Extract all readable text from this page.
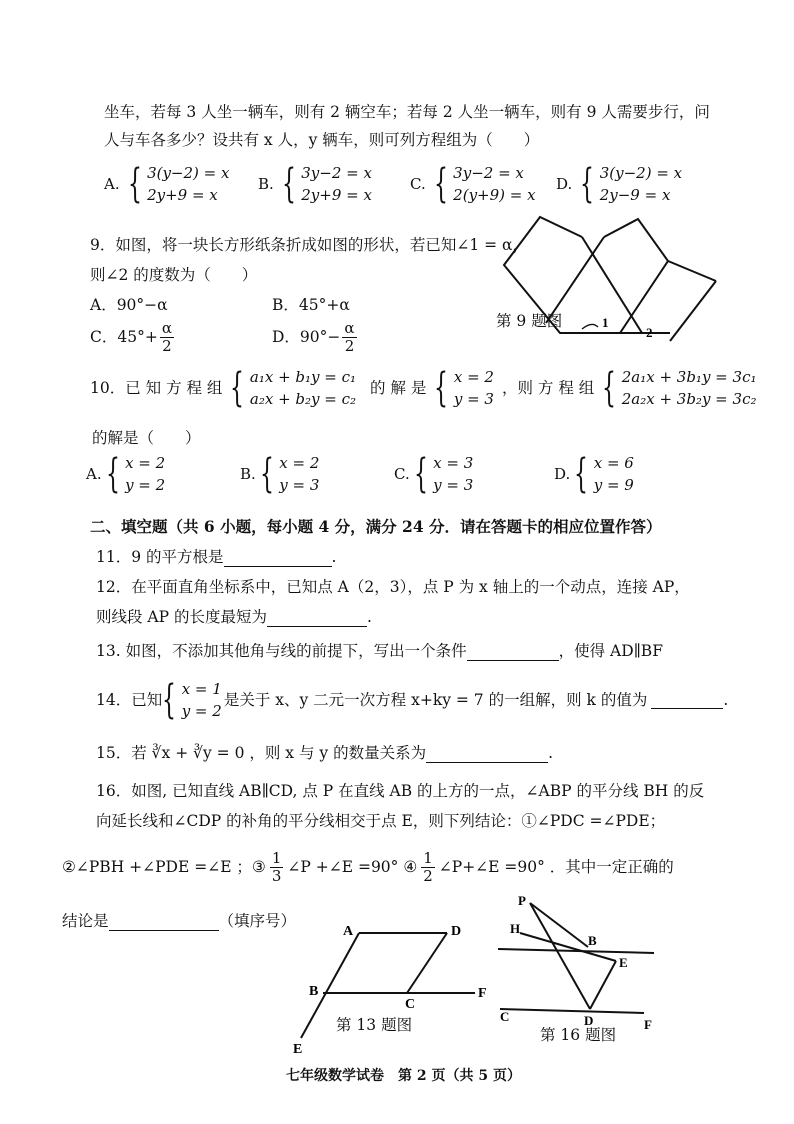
坐车，若每 3 人坐一辆车，则有 2 辆空车；若每 2 人坐一辆车，则有 9 人需要步行，问
人与车各多少？设共有 x 人，y 辆车，则可列方程组为（　　）
A. { 3(y−2) = x
2y+9 = x
B. { 3y−2 = x
2y+9 = x
C. { 3y−2 = x
2(y+9) = x
D. { 3(y−2) = x
2y−9 = x
9．如图，将一块长方形纸条折成如图的形状，若已知∠1 = α，
则∠2 的度数为（　　）
A．90°−α	B．45°+α
C．$45^\circ+ \frac{\alpha}{2}$	D．$90^\circ- \frac{\alpha}{2}$	1
2
第 9 题图
10．已 知 方 程 组 { a₁x + b₁y = c₁
a₂x + b₂y = c₂
的 解 是 { x = 2
y = 3
，则 方 程 组 { 2a₁x + 3b₁y = 3c₁
2a₂x + 3b₂y = 3c₂
的解是（　　）
A. { x = 2
y = 2
B. { x = 2
y = 3
C. { x = 3
y = 3
D. { x = 6
y = 9
二、填空题（共 6 小题，每小题 4 分，满分 24 分．请在答题卡的相应位置作答）
11．9 的平方根是	.
12．在平面直角坐标系中，已知点 A（2，3），点 P 为 x 轴上的一个动点，连接 AP，
则线段 AP 的长度最短为	.
13. 如图，不添加其他角与线的前提下，写出一个条件	，使得 AD∥BF
14．已知 { x = 1
y = 2
是关于 x、y 二元一次方程 x+ky = 7 的一组解，则 k 的值为	.
15．若 ∛x + ∛y = 0 ，则 x 与 y 的数量关系为	.
16．如图, 已知直线 AB∥CD, 点 P 在直线 AB 的上方的一点，∠ABP 的平分线 BH 的反
向延长线和∠CDP 的补角的平分线相交于点 E，则下列结论：①∠PDC =∠PDE；
②∠PBH +∠PDE =∠E ；③ $\frac{1}{3}$ ∠P +∠E =90° ④ $\frac{1}{2}$ ∠P+∠E =90° ．其中一定正确的
结论是	（填序号）
A	D
B
C
F
E
第 13 题图
P
H
B
E
C	D	F
第 16 题图
七年级数学试卷　第 2 页（共 5 页）
